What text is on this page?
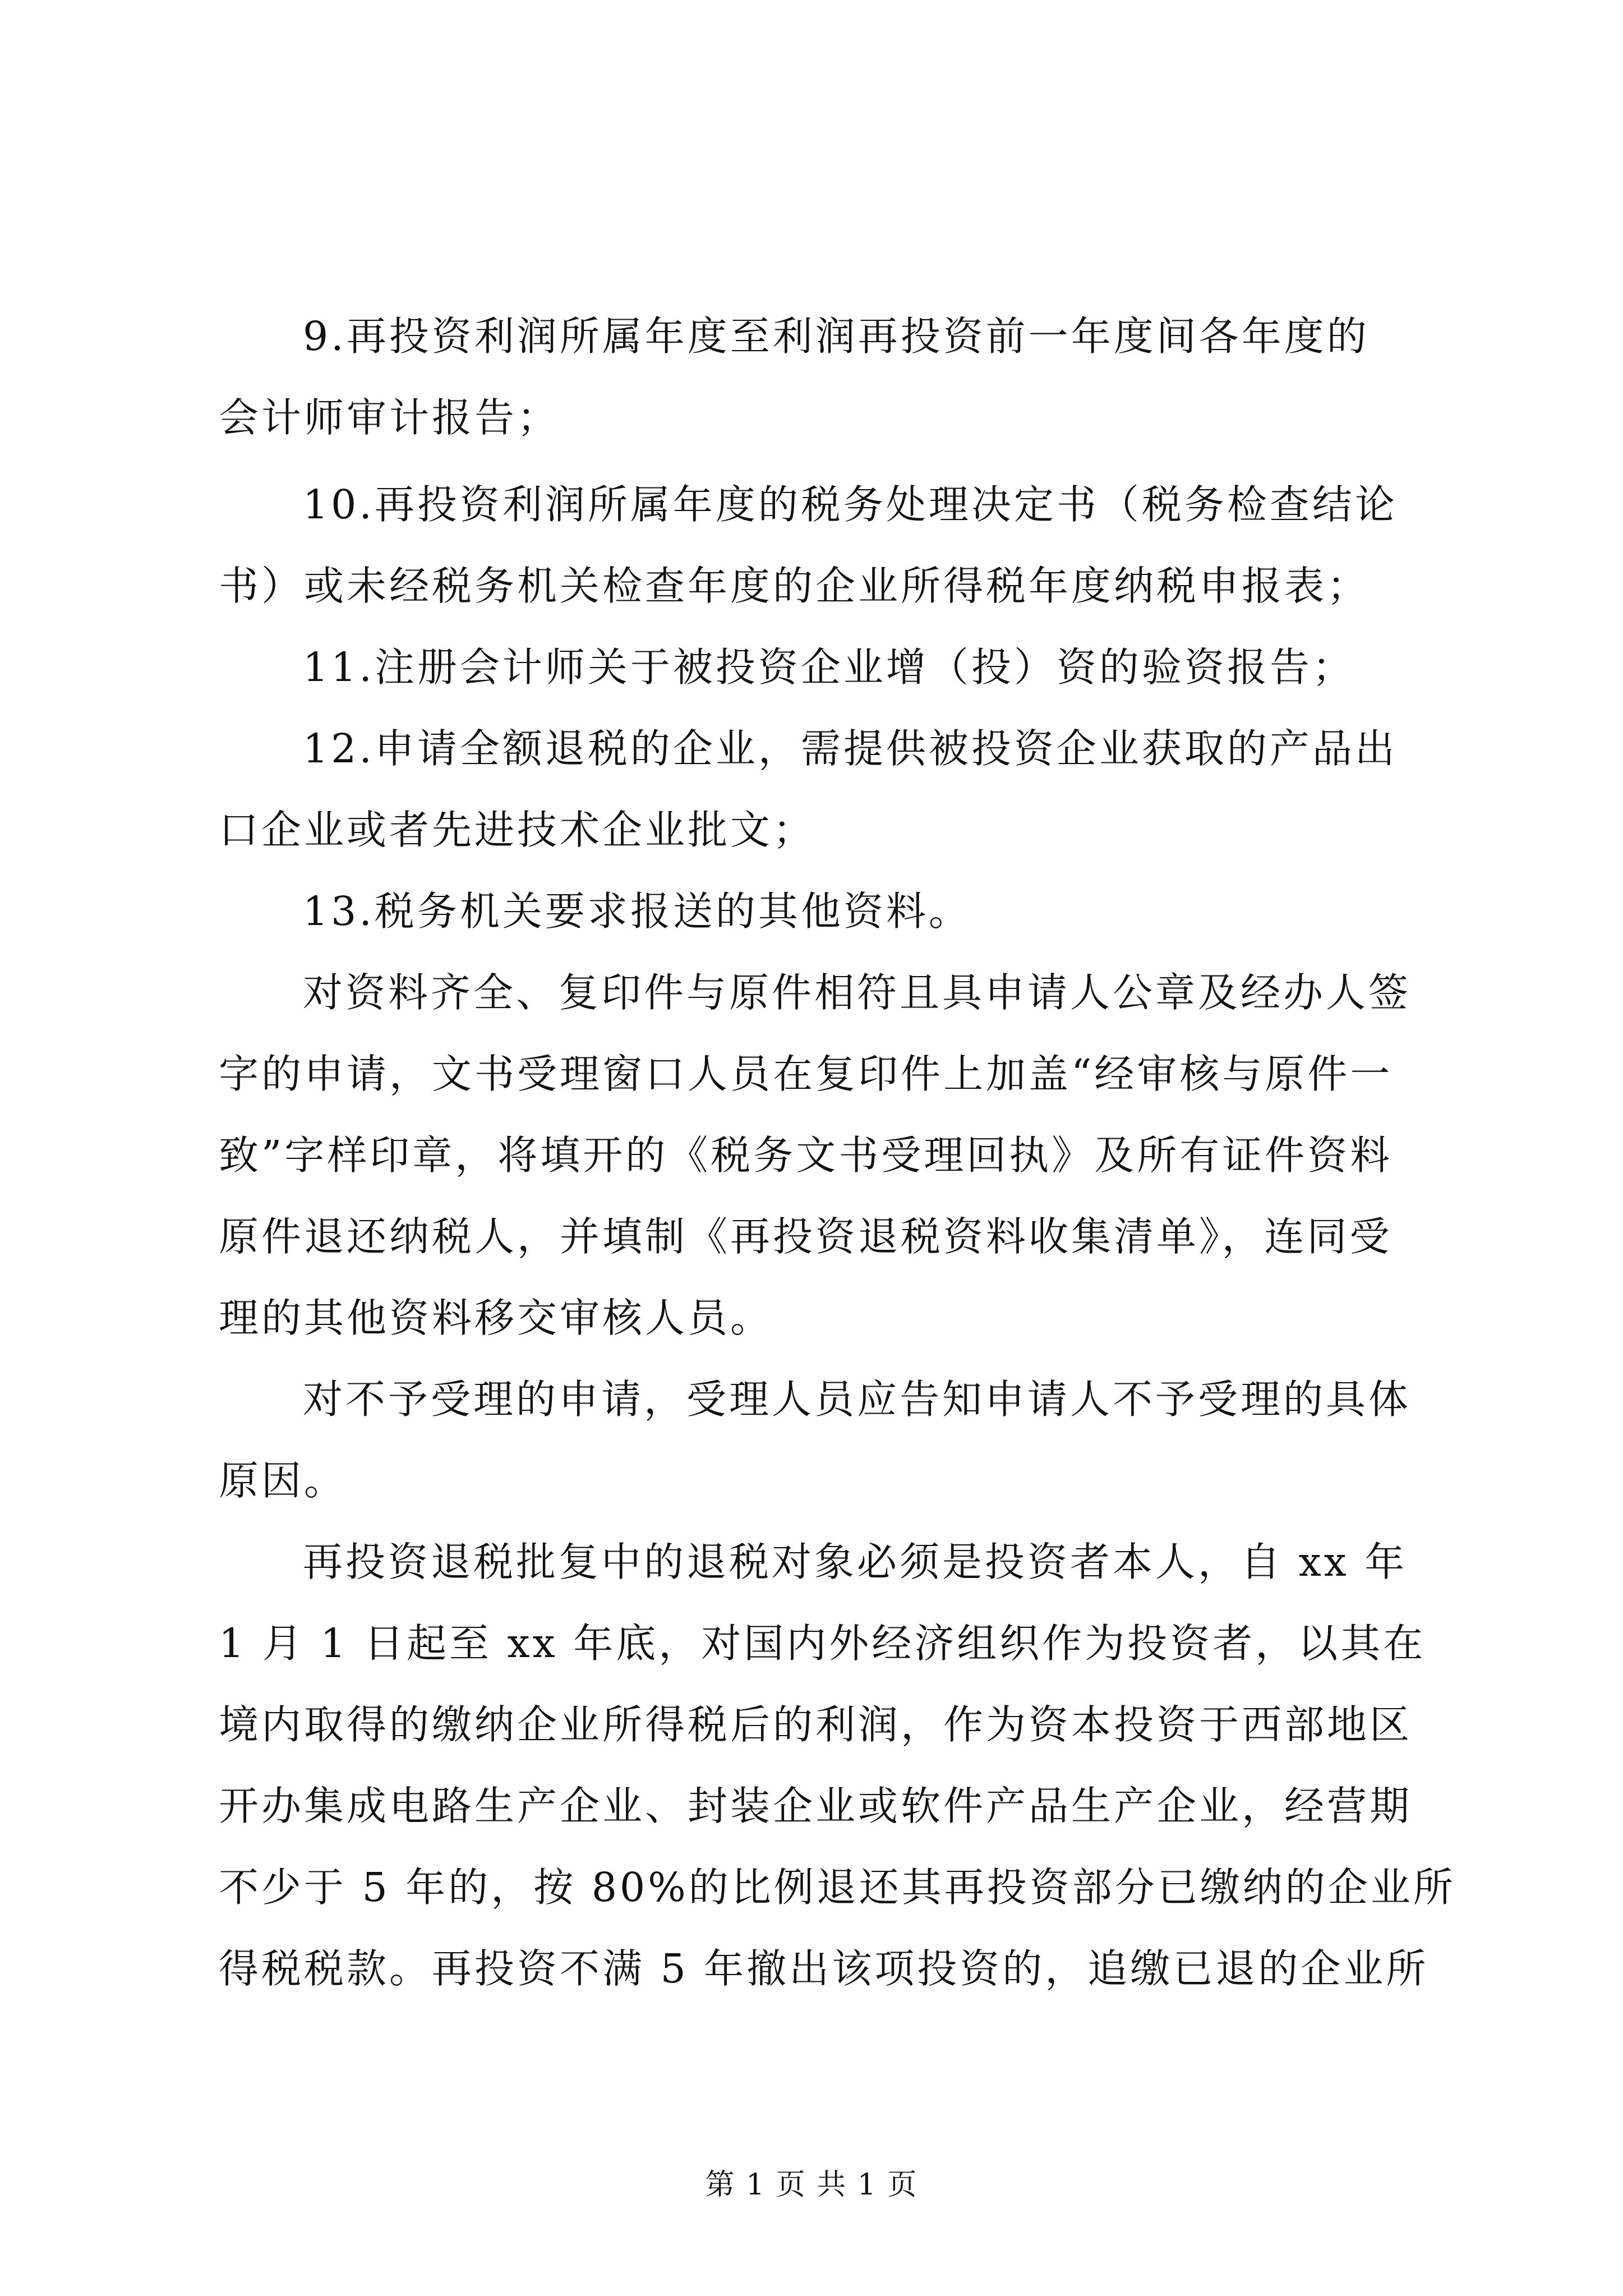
9.再投资利润所属年度至利润再投资前一年度间各年度的
会计师审计报告；
10.再投资利润所属年度的税务处理决定书（税务检查结论
书）或未经税务机关检查年度的企业所得税年度纳税申报表；
11.注册会计师关于被投资企业增（投）资的验资报告；
12.申请全额退税的企业，需提供被投资企业获取的产品出
口企业或者先进技术企业批文；
13.税务机关要求报送的其他资料。
对资料齐全、复印件与原件相符且具申请人公章及经办人签
字的申请，文书受理窗口人员在复印件上加盖“经审核与原件一
致”字样印章，将填开的《税务文书受理回执》及所有证件资料
原件退还纳税人，并填制《再投资退税资料收集清单》，连同受
理的其他资料移交审核人员。
对不予受理的申请，受理人员应告知申请人不予受理的具体
原因。
再投资退税批复中的退税对象必须是投资者本人，自 xx 年
1 月 1 日起至 xx 年底，对国内外经济组织作为投资者，以其在
境内取得的缴纳企业所得税后的利润，作为资本投资于西部地区
开办集成电路生产企业、封装企业或软件产品生产企业，经营期
不少于 5 年的，按 80%的比例退还其再投资部分已缴纳的企业所
得税税款。再投资不满 5 年撤出该项投资的，追缴已退的企业所
第 1 页 共 1 页
